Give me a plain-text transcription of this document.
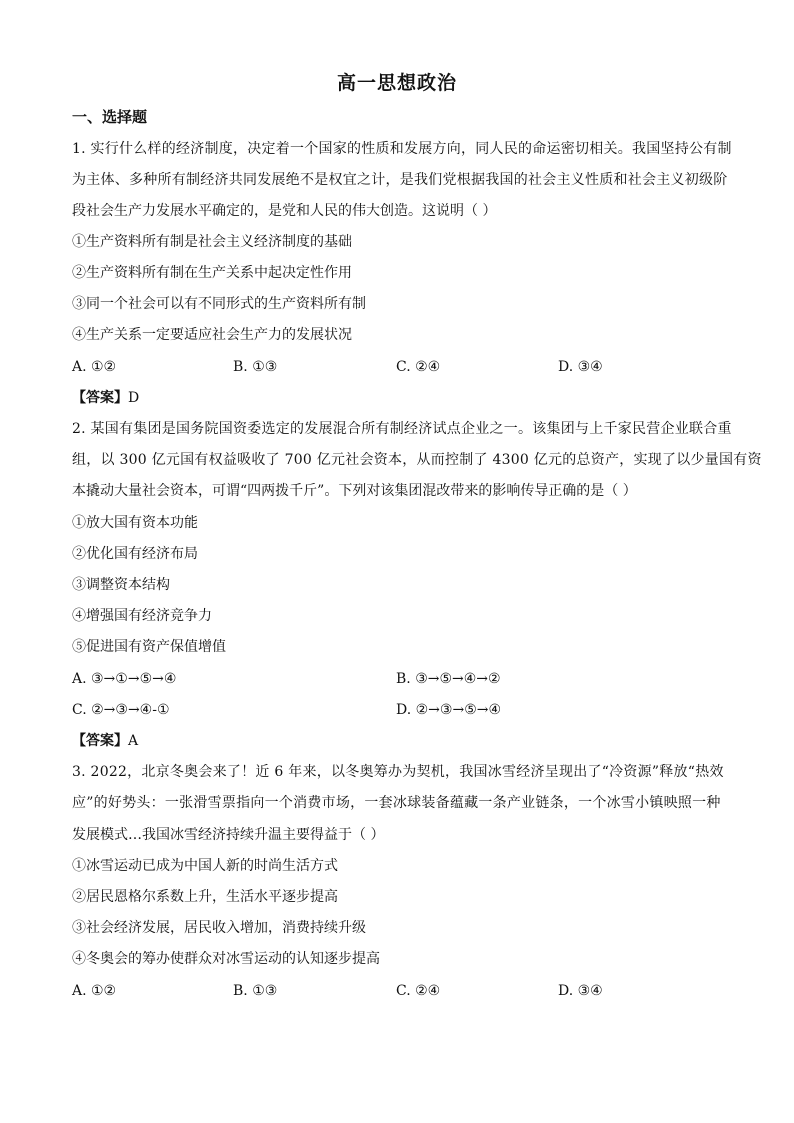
高一思想政治
一、选择题
1. 实行什么样的经济制度，决定着一个国家的性质和发展方向，同人民的命运密切相关。我国坚持公有制
为主体、多种所有制经济共同发展绝不是权宜之计，是我们党根据我国的社会主义性质和社会主义初级阶
段社会生产力发展水平确定的，是党和人民的伟大创造。这说明（ ）
①生产资料所有制是社会主义经济制度的基础
②生产资料所有制在生产关系中起决定性作用
③同一个社会可以有不同形式的生产资料所有制
④生产关系一定要适应社会生产力的发展状况
A. ①②	B. ①③	C. ②④	D. ③④
【答案】D
2. 某国有集团是国务院国资委选定的发展混合所有制经济试点企业之一。该集团与上千家民营企业联合重
组，以 300 亿元国有权益吸收了 700 亿元社会资本，从而控制了 4300 亿元的总资产，实现了以少量国有资
本撬动大量社会资本，可谓“四两拨千斤”。下列对该集团混改带来的影响传导正确的是（ ）
①放大国有资本功能
②优化国有经济布局
③调整资本结构
④增强国有经济竞争力
⑤促进国有资产保值增值
A. ③→①→⑤→④	B. ③→⑤→④→②
C. ②→③→④-①	D. ②→③→⑤→④
【答案】A
3. 2022，北京冬奥会来了！近 6 年来，以冬奥筹办为契机，我国冰雪经济呈现出了“冷资源”释放“热效
应”的好势头：一张滑雪票指向一个消费市场，一套冰球装备蕴藏一条产业链条，一个冰雪小镇映照一种
发展模式…我国冰雪经济持续升温主要得益于（ ）
①冰雪运动已成为中国人新的时尚生活方式
②居民恩格尔系数上升，生活水平逐步提高
③社会经济发展，居民收入增加，消费持续升级
④冬奥会的筹办使群众对冰雪运动的认知逐步提高
A. ①②	B. ①③	C. ②④	D. ③④
